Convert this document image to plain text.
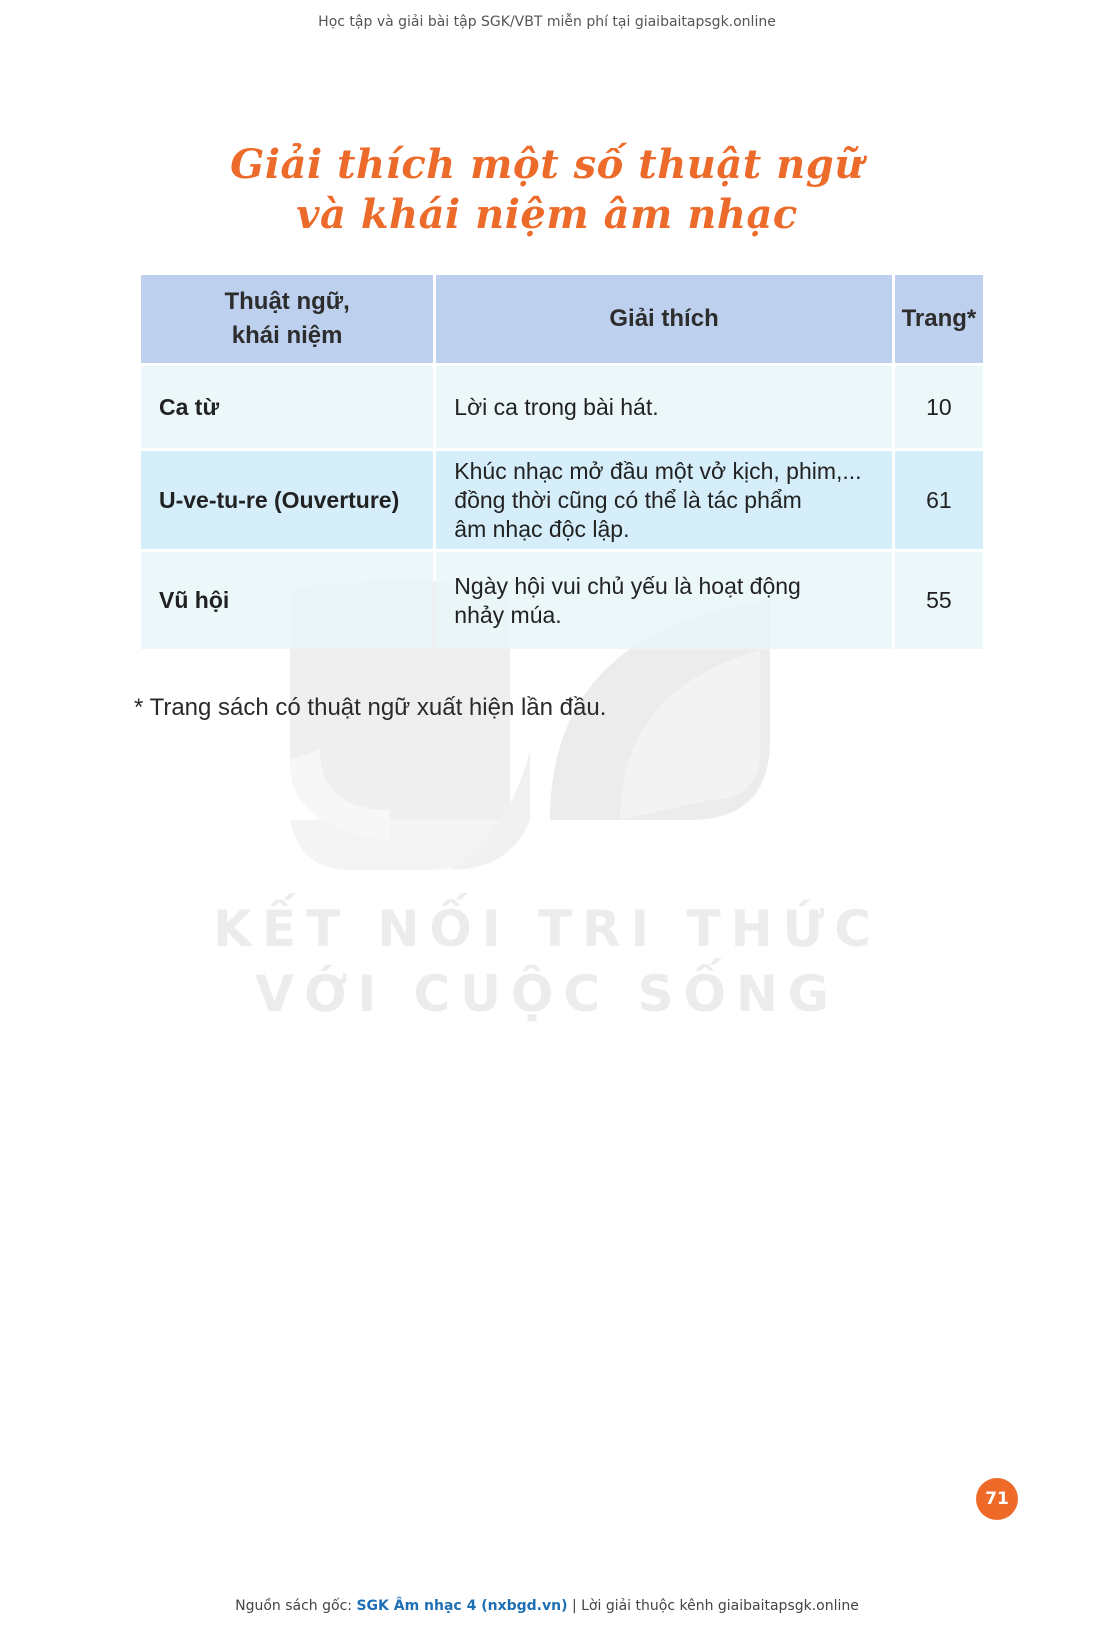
Học tập và giải bài tập SGK/VBT miễn phí tại giaibaitapsgk.online
Giải thích một số thuật ngữ
và khái niệm âm nhạc
KẾT NỐI TRI THỨC
VỚI CUỘC SỐNG
Thuật ngữ,
khái niệm	Giải thích	Trang*
Ca từ	Lời ca trong bài hát.	10
U-ve-tu-re (Ouverture)	Khúc nhạc mở đầu một vở kịch, phim,...
đồng thời cũng có thể là tác phẩm
âm nhạc độc lập.	61
Vũ hội	Ngày hội vui chủ yếu là hoạt động
nhảy múa.	55
* Trang sách có thuật ngữ xuất hiện lần đầu.
71
Nguồn sách gốc: SGK Âm nhạc 4 (nxbgd.vn) | Lời giải thuộc kênh giaibaitapsgk.online
